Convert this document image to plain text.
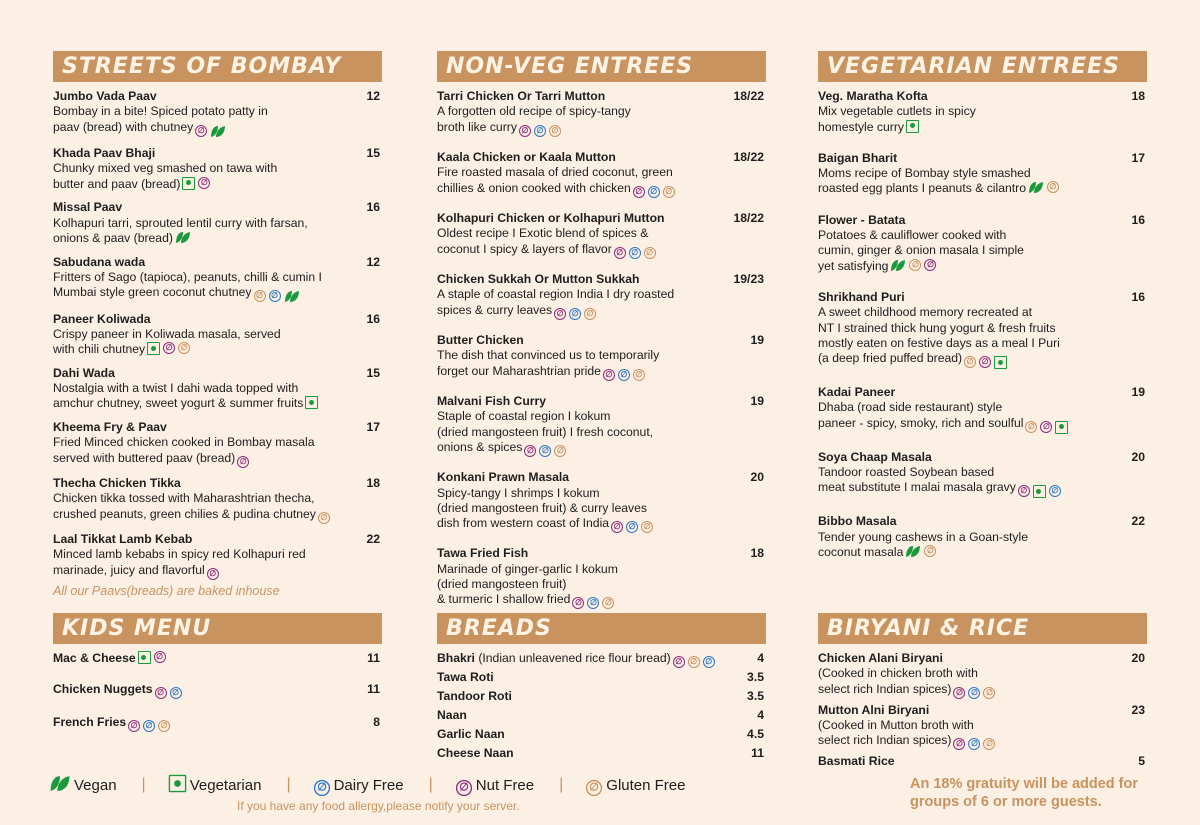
STREETS OF BOMBAY
Jumbo Vada Paav	12
Bombay in a bite! Spiced potato patty in
paav (bread) with chutney ∅
Khada Paav Bhaji	15
Chunky mixed veg smashed on tawa with
butter and paav (bread)	∅
Missal Paav	16
Kolhapuri tarri, sprouted lentil curry with farsan,
onions & paav (bread)
Sabudana wada	12
Fritters of Sago (tapioca), peanuts, chilli & cumin I
Mumbai style green coconut chutney ∅	∅
Paneer Koliwada	16
Crispy paneer in Koliwada masala, served
with chili chutney	∅	∅
Dahi Wada	15
Nostalgia with a twist I dahi wada topped with
amchur chutney, sweet yogurt & summer fruits
Kheema Fry & Paav	17
Fried Minced chicken cooked in Bombay masala
served with buttered paav (bread) ∅
Thecha Chicken Tikka	18
Chicken tikka tossed with Maharashtrian thecha,
crushed peanuts, green chilies & pudina chutney ∅
Laal Tikkat Lamb Kebab	22
Minced lamb kebabs in spicy red Kolhapuri red
marinade, juicy and flavorful ∅
All our Paavs(breads) are baked inhouse
NON-VEG ENTREES
Tarri Chicken Or Tarri Mutton	18/22
A forgotten old recipe of spicy-tangy
broth like curry ∅	∅	∅
Kaala Chicken or Kaala Mutton	18/22
Fire roasted masala of dried coconut, green
chillies & onion cooked with chicken ∅	∅	∅
Kolhapuri Chicken or Kolhapuri Mutton	18/22
Oldest recipe I Exotic blend of spices &
coconut I spicy & layers of flavor ∅	∅	∅
Chicken Sukkah Or Mutton Sukkah	19/23
A staple of coastal region India I dry roasted
spices & curry leaves ∅	∅	∅
Butter Chicken	19
The dish that convinced us to temporarily
forget our Maharashtrian pride ∅	∅	∅
Malvani Fish Curry	19
Staple of coastal region I kokum
(dried mangosteen fruit) I fresh coconut,
onions & spices ∅	∅	∅
Konkani Prawn Masala	20
Spicy-tangy I shrimps I kokum
(dried mangosteen fruit) & curry leaves
dish from western coast of India ∅	∅	∅
Tawa Fried Fish	18
Marinade of ginger-garlic I kokum
(dried mangosteen fruit)
& turmeric I shallow fried ∅	∅	∅
VEGETARIAN ENTREES
Veg. Maratha Kofta	18
Mix vegetable cutlets in spicy
homestyle curry
Baigan Bharit	17
Moms recipe of Bombay style smashed
roasted egg plants I peanuts & cilantro	∅
Flower - Batata	16
Potatoes & cauliflower cooked with
cumin, ginger & onion masala I simple
yet satisfying	∅	∅
Shrikhand Puri	16
A sweet childhood memory recreated at
NT I strained thick hung yogurt & fresh fruits
mostly eaten on festive days as a meal I Puri
(a deep fried puffed bread) ∅	∅
Kadai Paneer	19
Dhaba (road side restaurant) style
paneer - spicy, smoky, rich and soulful ∅	∅
Soya Chaap Masala	20
Tandoor roasted Soybean based
meat substitute I malai masala gravy ∅	∅
Bibbo Masala	22
Tender young cashews in a Goan-style
coconut masala	∅
KIDS MENU
Mac & Cheese	∅	11
Chicken Nuggets ∅	∅	11
French Fries ∅	∅	∅	8
BREADS
Bhakri (Indian unleavened rice flour bread) ∅	∅	∅	4
Tawa Roti	3.5
Tandoor Roti	3.5
Naan	4
Garlic Naan	4.5
Cheese Naan	11
BIRYANI & RICE
Chicken Alani Biryani	20
(Cooked in chicken broth with
select rich Indian spices) ∅	∅	∅
Mutton Alni Biryani	23
(Cooked in Mutton broth with
select rich Indian spices) ∅	∅	∅
Basmati Rice	5
Vegan |	Vegetarian |	∅ Dairy Free |	∅ Nut Free |	∅ Gluten Free
If you have any food allergy,please notify your server.
An 18% gratuity will be added for groups of 6 or more guests.
